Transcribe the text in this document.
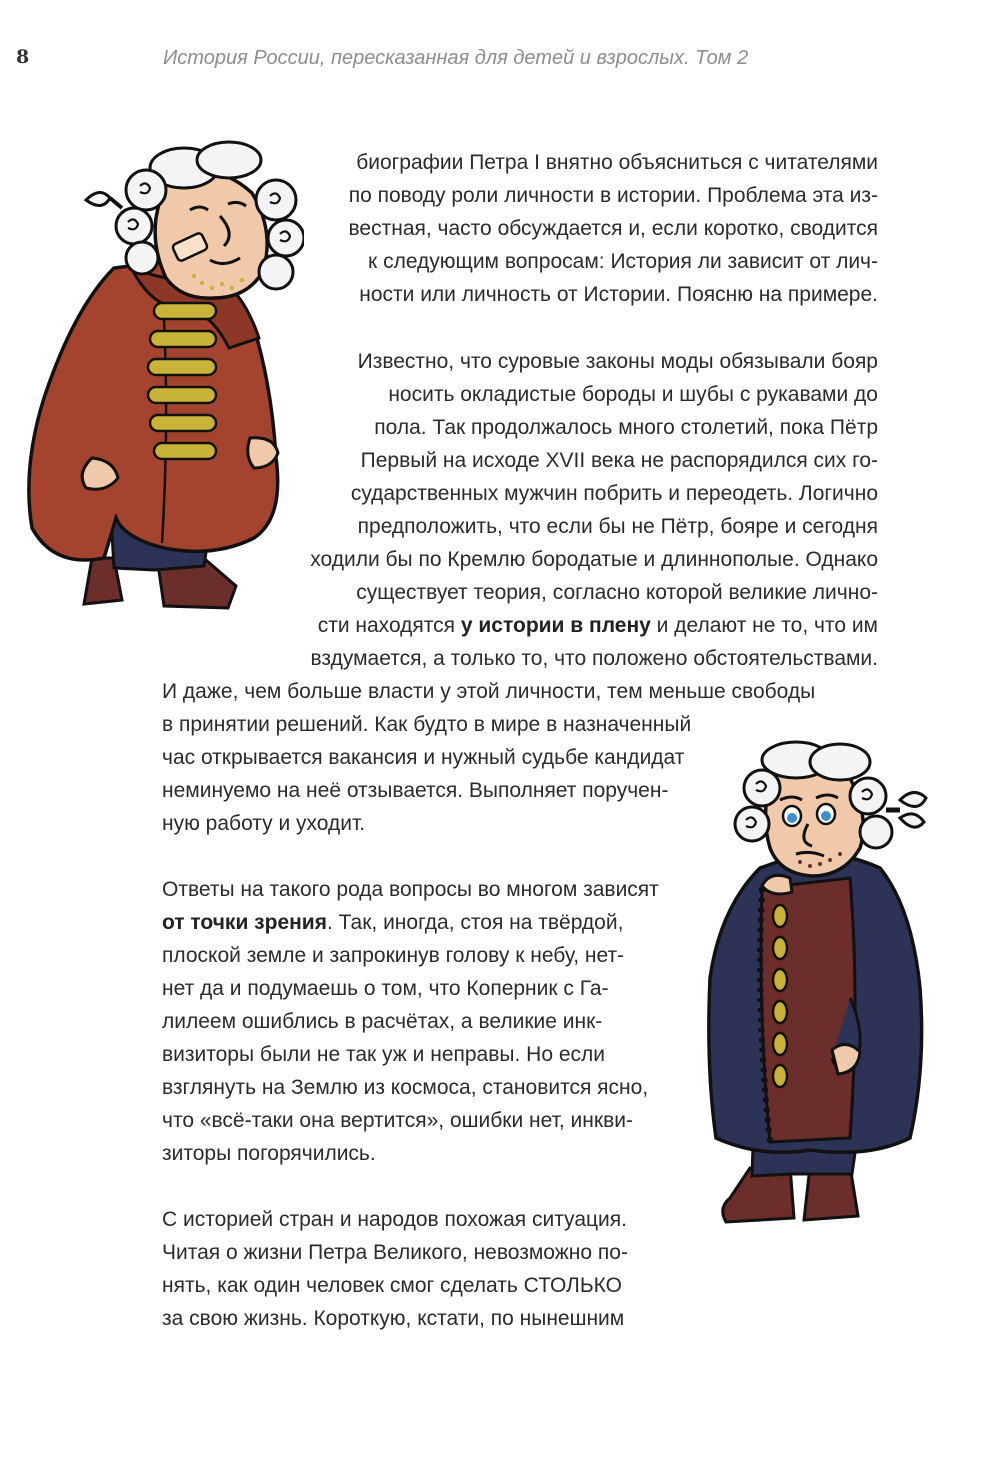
8	История России, пересказанная для детей и взрослых. Том 2
биографии Петра I внятно объясниться с читателями
по поводу роли личности в истории. Проблема эта из-
вестная, часто обсуждается и, если коротко, сводится
к следующим вопросам: История ли зависит от лич-
ности или личность от Истории. Поясню на примере.
Известно, что суровые законы моды обязывали бояр
носить окладистые бороды и шубы с рукавами до
пола. Так продолжалось много столетий, пока Пётр
Первый на исходе XVII века не распорядился сих го-
сударственных мужчин побрить и переодеть. Логично
предположить, что если бы не Пётр, бояре и сегодня
ходили бы по Кремлю бородатые и длиннополые. Однако
существует теория, согласно которой великие лично-
сти находятся у истории в плену и делают не то, что им
вздумается, а только то, что положено обстоятельствами.
И даже, чем больше власти у этой личности, тем меньше свободы
в принятии решений. Как будто в мире в назначенный
час открывается вакансия и нужный судьбе кандидат
неминуемо на неё отзывается. Выполняет поручен-
ную работу и уходит.
Ответы на такого рода вопросы во многом зависят
от точки зрения. Так, иногда, стоя на твёрдой,
плоской земле и запрокинув голову к небу, нет-
нет да и подумаешь о том, что Коперник с Га-
лилеем ошиблись в расчётах, а великие инк-
визиторы были не так уж и неправы. Но если
взглянуть на Землю из космоса, становится ясно,
что «всё-таки она вертится», ошибки нет, инкви-
зиторы погорячились.
С историей стран и народов похожая ситуация.
Читая о жизни Петра Великого, невозможно по-
нять, как один человек смог сделать СТОЛЬКО
за свою жизнь. Короткую, кстати, по нынешним
